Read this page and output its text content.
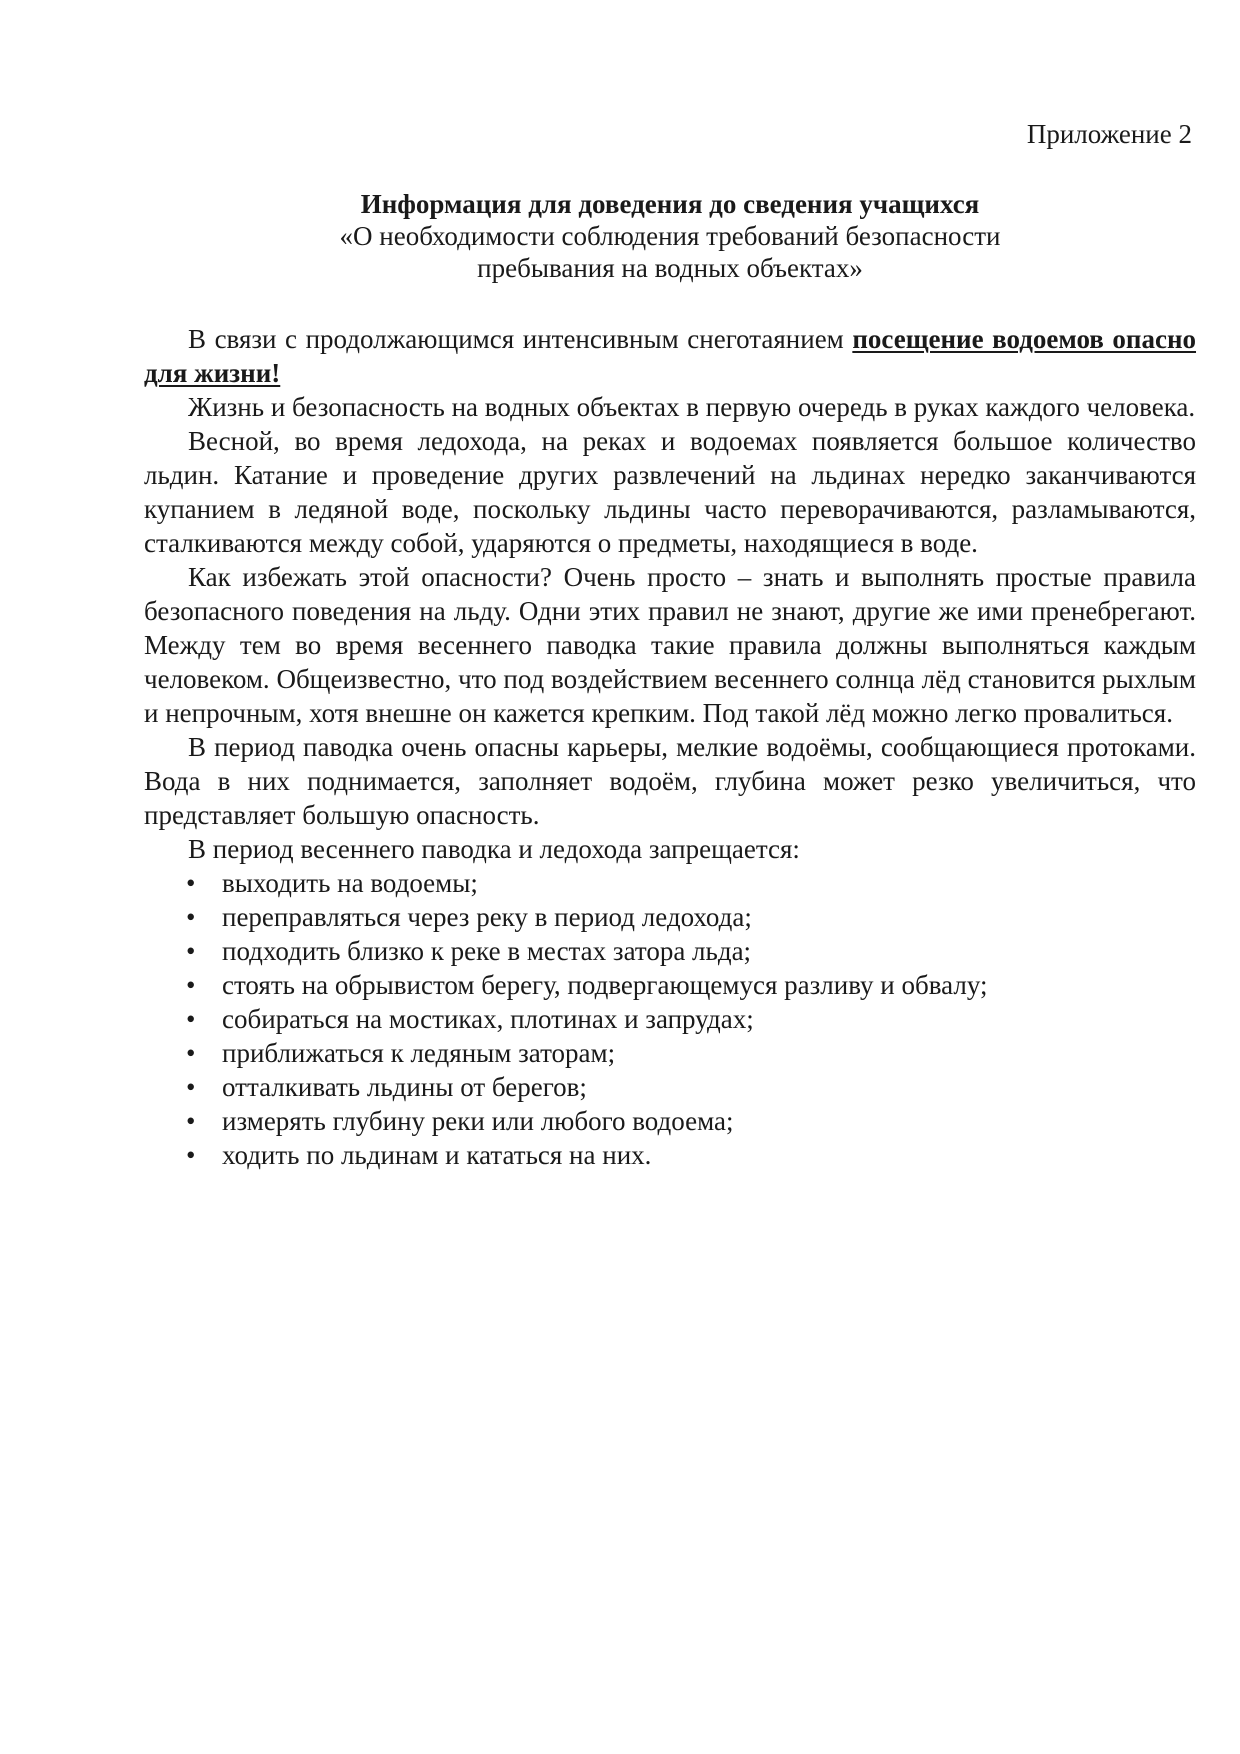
Приложение 2
Информация для доведения до сведения учащихся
«О необходимости соблюдения требований безопасности
пребывания на водных объектах»

В связи с продолжающимся интенсивным снеготаянием посещение водоемов опасно для жизни!

Жизнь и безопасность на водных объектах в первую очередь в руках каждого человека.

Весной, во время ледохода, на реках и водоемах появляется большое количество льдин. Катание и проведение других развлечений на льдинах нередко заканчиваются купанием в ледяной воде, поскольку льдины часто переворачиваются, разламываются, сталкиваются между собой, ударяются о предметы, находящиеся в воде.

Как избежать этой опасности? Очень просто – знать и выполнять простые правила безопасного поведения на льду. Одни этих правил не знают, другие же ими пренебрегают. Между тем во время весеннего паводка такие правила должны выполняться каждым человеком. Общеизвестно, что под воздействием весеннего солнца лёд становится рыхлым и непрочным, хотя внешне он кажется крепким. Под такой лёд можно легко провалиться.

В период паводка очень опасны карьеры, мелкие водоёмы, сообщающиеся протоками. Вода в них поднимается, заполняет водоём, глубина может резко увеличиться, что представляет большую опасность.

В период весеннего паводка и ледохода запрещается:

• выходить на водоемы;
• переправляться через реку в период ледохода;
• подходить близко к реке в местах затора льда;
• стоять на обрывистом берегу, подвергающемуся разливу и обвалу;
• собираться на мостиках, плотинах и запрудах;
• приближаться к ледяным заторам;
• отталкивать льдины от берегов;
• измерять глубину реки или любого водоема;
• ходить по льдинам и кататься на них.
